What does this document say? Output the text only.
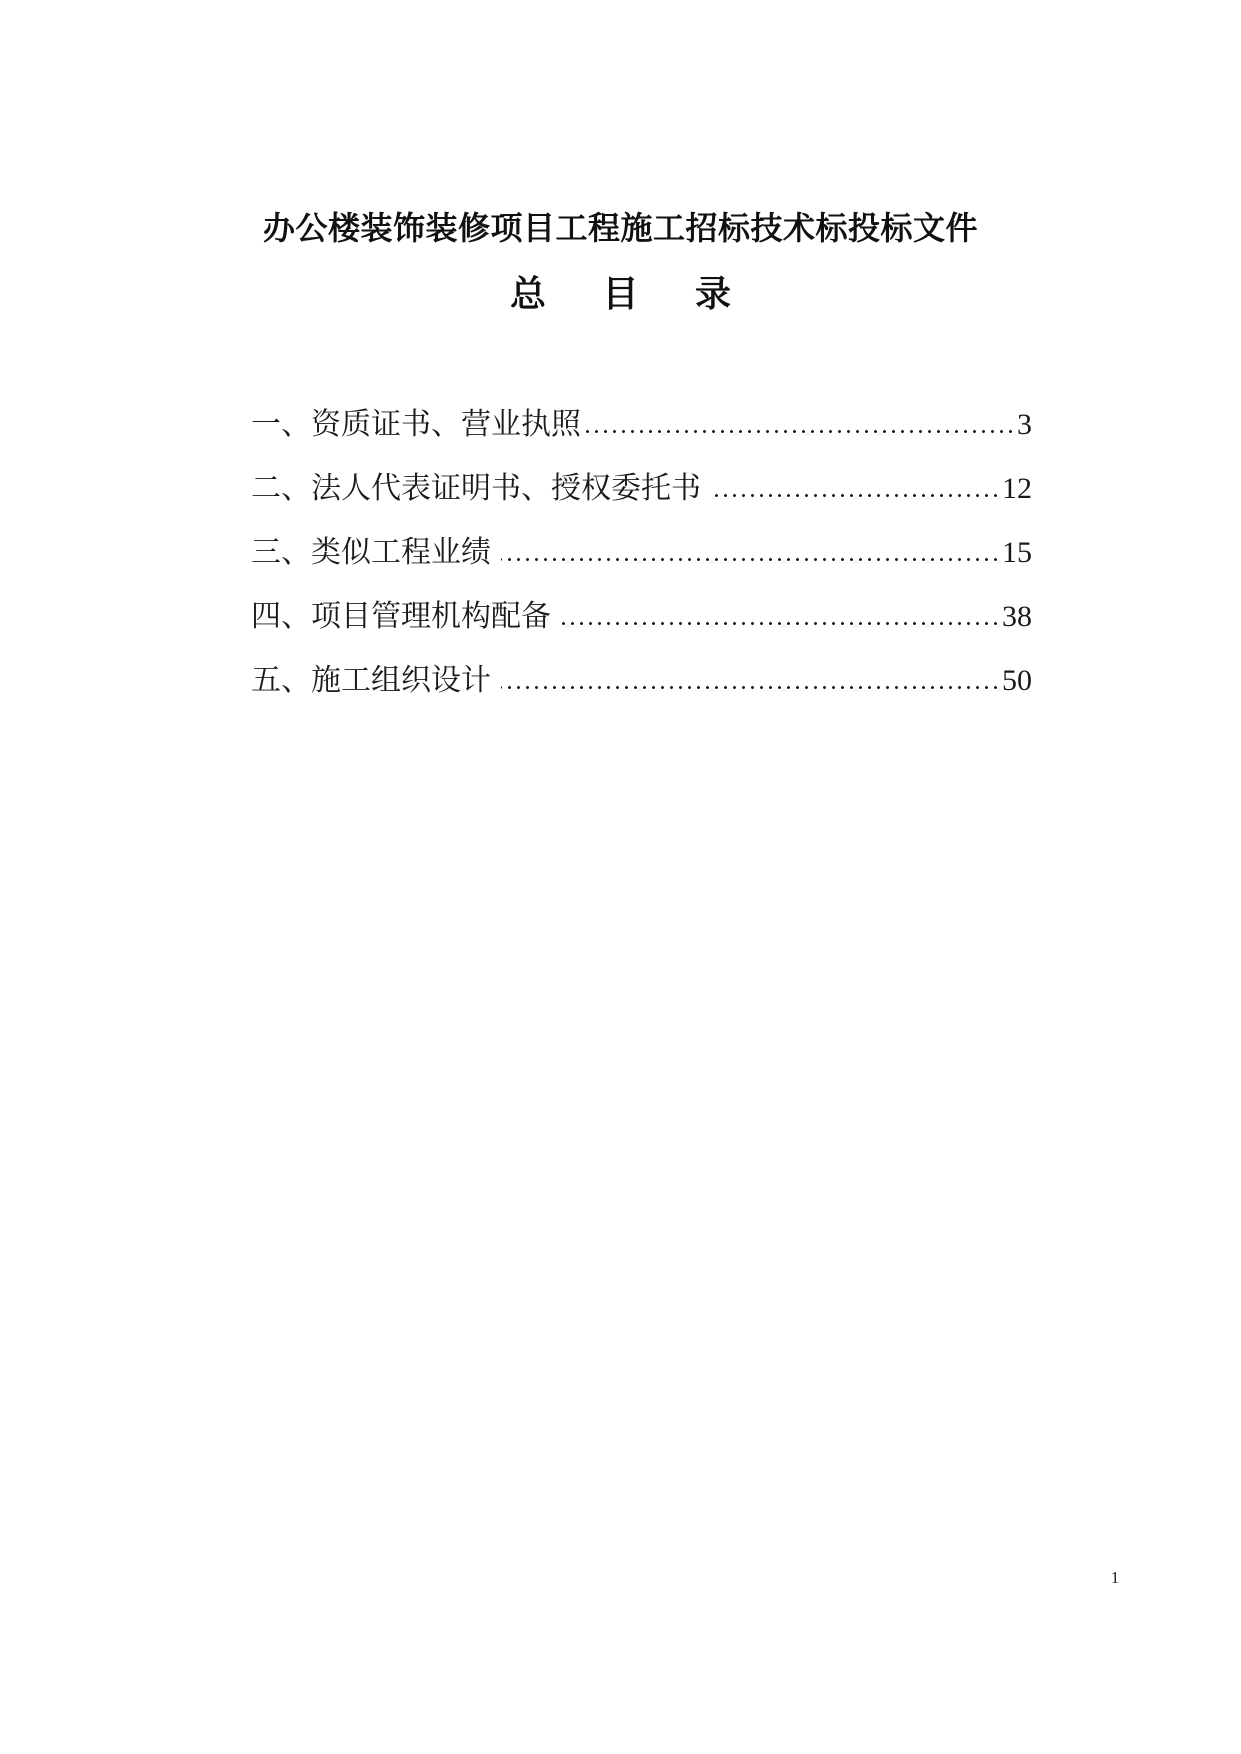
办公楼装饰装修项目工程施工招标技术标投标文件
总 目 录
一、资质证书、营业执照	3
二、法人代表证明书、授权委托书	12
三、类似工程业绩	15
四、项目管理机构配备	38
五、施工组织设计	50
1
